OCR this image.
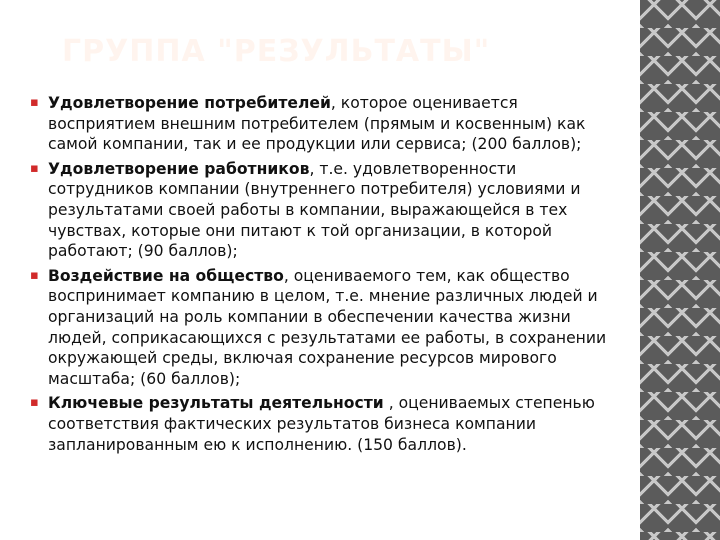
ГРУППА "РЕЗУЛЬТАТЫ"
▪ Удовлетворение потребителей, которое оценивается восприятием внешним потребителем (прямым и косвенным) как самой компании, так и ее продукции или сервиса; (200 баллов);
▪ Удовлетворение работников, т.е. удовлетворенности сотрудников компании (внутреннего потребителя) условиями и результатами своей работы в компании, выражающейся в тех чувствах, которые они питают к той организации, в которой работают; (90 баллов);
▪ Воздействие на общество, оцениваемого тем, как общество воспринимает компанию в целом, т.е. мнение различных людей и организаций на роль компании в обеспечении качества жизни людей, соприкасающихся с результатами ее работы, в сохранении окружающей среды, включая сохранение ресурсов мирового масштаба; (60 баллов);
▪ Ключевые результаты деятельности , оцениваемых степенью соответствия фактических результатов бизнеса компании запланированным ею к исполнению. (150 баллов).
